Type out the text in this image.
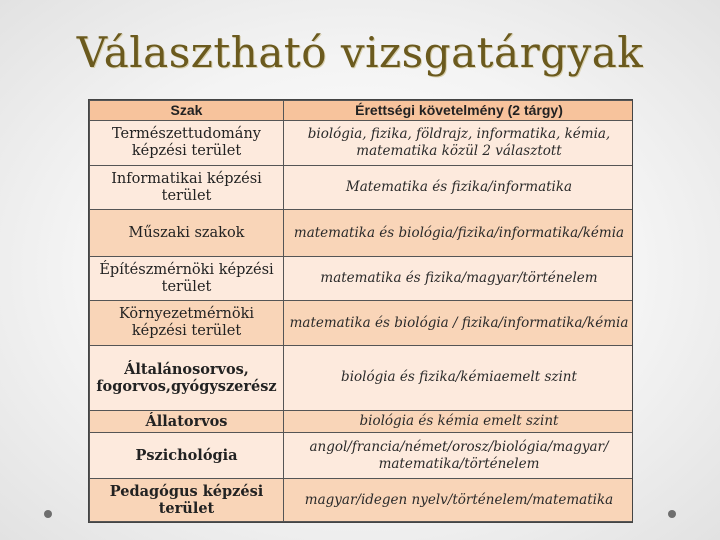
Választható vizsgatárgyak
Szak	Érettségi követelmény (2 tárgy)
Természettudomány képzési terület	biológia, fizika, földrajz, informatika, kémia, matematika közül 2 választott
Informatikai képzési terület	Matematika és fizika/informatika
Műszaki szakok	matematika és biológia/fizika/informatika/kémia
Építészmérnöki képzési terület	matematika és fizika/magyar/történelem
Környezetmérnöki képzési terület	matematika és biológia / fizika/informatika/kémia
Általánosorvos, fogorvos,gyógyszerész	biológia és fizika/kémiaemelt szint
Állatorvos	biológia és kémia emelt szint
Pszichológia	angol/francia/német/orosz/biológia/magyar/ matematika/történelem
Pedagógus képzési terület	magyar/idegen nyelv/történelem/matematika
